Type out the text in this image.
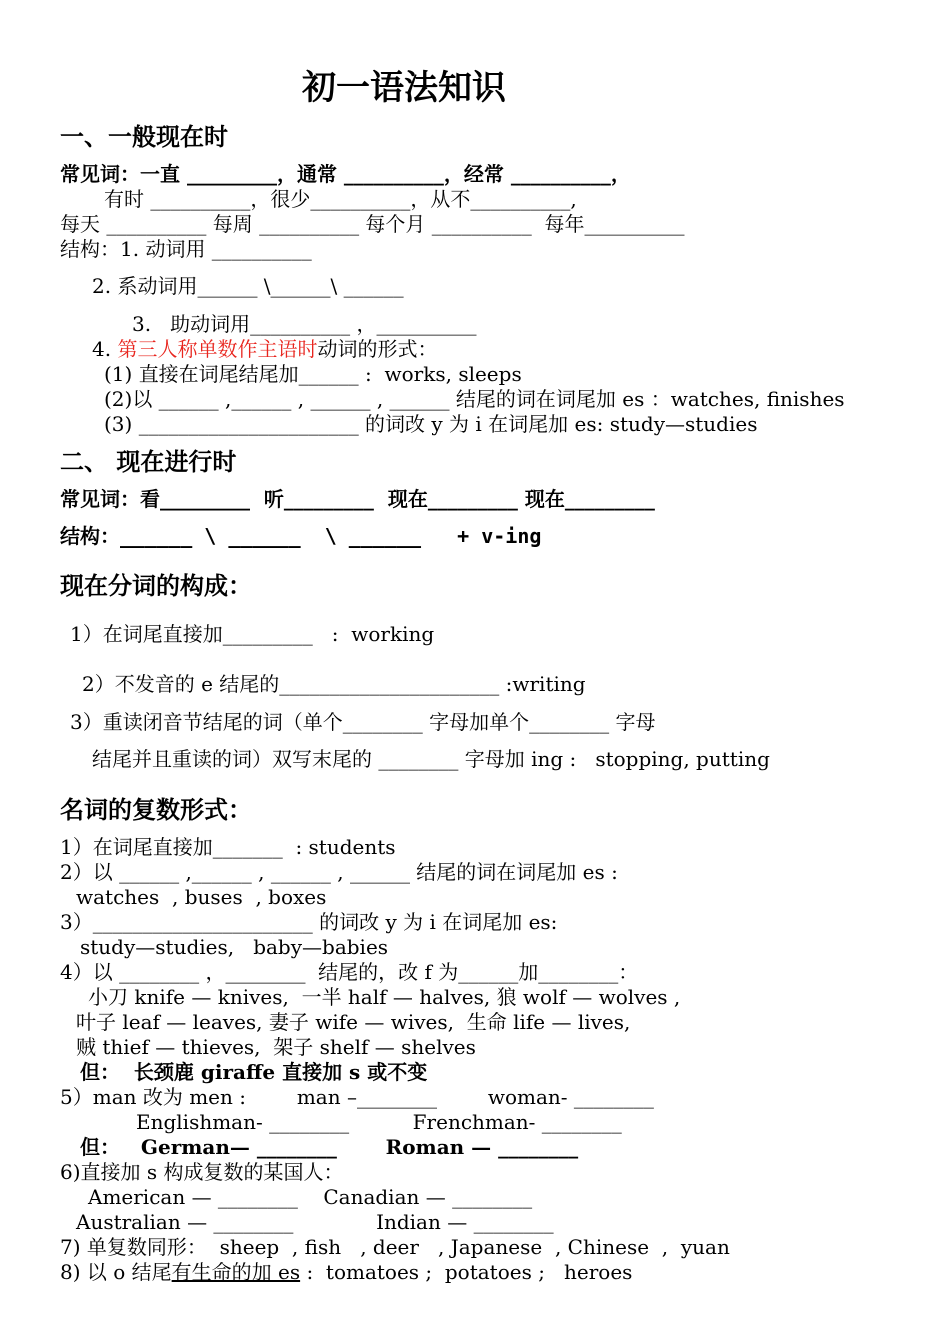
初一语法知识
一、一般现在时
常见词：一直 _________，通常 __________，经常 __________，
有时 __________，很少__________，从不__________,
每天 __________ 每周 __________ 每个月 __________  每年__________
结构：1. 动词用 __________
2. 系动词用______ \______\ ______
3.   助动词用__________ ，__________
4. 第三人称单数作主语时动词的形式：
(1) 直接在词尾结尾加______ :  works, sleeps
(2)以 ______ ,______ , ______ , ______ 结尾的词在词尾加 es ：watches, finishes
(3) ______________________ 的词改 y 为 i 在词尾加 es: study—studies
二、 现在进行时
常见词：看_________  听_________  现在_________ 现在_________
结构：______ \ ______  \ ______   + v-ing
现在分词的构成：
1）在词尾直接加_________   :  working
2）不发音的 e 结尾的______________________ :writing
3）重读闭音节结尾的词（单个________ 字母加单个________ 字母
结尾并且重读的词）双写末尾的 ________ 字母加 ing :   stopping, putting
名词的复数形式：
1）在词尾直接加_______  : students
2）以 ______ ,______ , ______ , ______ 结尾的词在词尾加 es :
watches  , buses  , boxes
3）______________________ 的词改 y 为 i 在词尾加 es:
study—studies,   baby—babies
4）以 ________ ，________  结尾的，改 f 为______加________：
小刀 knife — knives,  一半 half — halves, 狼 wolf — wolves ,
叶子 leaf — leaves, 妻子 wife — wives,  生命 life — lives,
贼 thief — thieves,  架子 shelf — shelves
但：  长颈鹿 giraffe 直接加 s 或不变
5）man 改为 men :        man –________        woman- ________
Englishman- ________          Frenchman- ________
但：   German— ________       Roman — ________
6)直接加 s 构成复数的某国人：
American — ________    Canadian — ________
Australian — ________             Indian — ________
7) 单复数同形：  sheep  , fish   , deer   , Japanese  , Chinese  ,  yuan
8) 以 o 结尾有生命的加 es :  tomatoes ;  potatoes ;   heroes
